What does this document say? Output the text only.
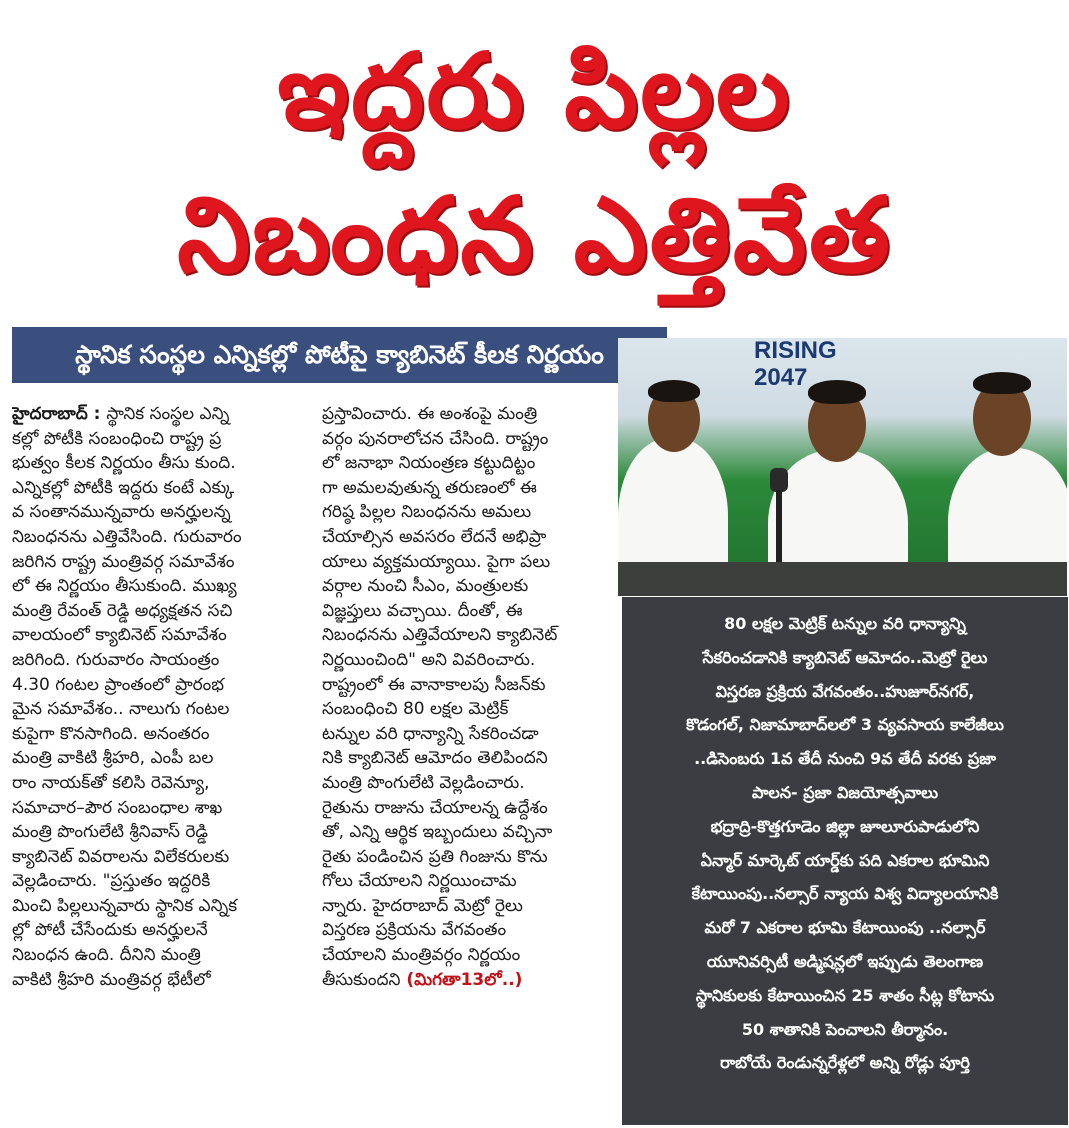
ఇద్దరు పిల్లల
నిబంధన ఎత్తివేత
స్థానిక సంస్థల ఎన్నికల్లో పోటీపై క్యాబినెట్ కీలక నిర్ణయం	RISING
2047
హైదరాబాద్ : స్థానిక సంస్థల ఎన్ని
కల్లో పోటీకి సంబంధించి రాష్ట్ర ప్ర
భుత్వం కీలక నిర్ణయం తీసు కుంది.
ఎన్నికల్లో పోటీకి ఇద్దరు కంటే ఎక్కు
వ సంతానమున్నవారు అనర్హులన్న
నిబంధనను ఎత్తివేసింది. గురువారం
జరిగిన రాష్ట్ర మంత్రివర్గ సమావేశం
లో ఈ నిర్ణయం తీసుకుంది. ముఖ్య
మంత్రి రేవంత్ రెడ్డి అధ్యక్షతన సచి
వాలయంలో క్యాబినెట్ సమావేశం
జరిగింది. గురువారం సాయంత్రం
4.30 గంటల ప్రాంతంలో ప్రారంభ
మైన సమావేశం.. నాలుగు గంటల
కుపైగా కొనసాగింది. అనంతరం
మంత్రి వాకిటి శ్రీహరి, ఎంపీ బల
రాం నాయక్‌తో కలిసి రెవెన్యూ,
సమాచార–పౌర సంబంధాల శాఖ
మంత్రి పొంగులేటి శ్రీనివాస్ రెడ్డి
క్యాబినెట్ వివరాలను విలేకరులకు
వెల్లడించారు. "ప్రస్తుతం ఇద్దరికి
మించి పిల్లలున్నవారు స్థానిక ఎన్నిక
ల్లో పోటీ చేసేందుకు అనర్హులనే
నిబంధన ఉంది. దీనిని మంత్రి
వాకిటి శ్రీహరి మంత్రివర్గ భేటీలో
ప్రస్తావించారు. ఈ అంశంపై మంత్రి
వర్గం పునరాలోచన చేసింది. రాష్ట్రం
లో జనాభా నియంత్రణ కట్టుదిట్టం
గా అమలవుతున్న తరుణంలో ఈ
గరిష్ఠ పిల్లల నిబంధనను అమలు
చేయాల్సిన అవసరం లేదనే అభిప్రా
యాలు వ్యక్తమయ్యాయి. పైగా పలు
వర్గాల నుంచి సీఎం, మంత్రులకు
విజ్ఞప్తులు వచ్చాయి. దీంతో, ఈ
నిబంధనను ఎత్తివేయాలని క్యాబినెట్
నిర్ణయించింది" అని వివరించారు.
రాష్ట్రంలో ఈ వానాకాలపు సీజన్‌కు
సంబంధించి 80 లక్షల మెట్రిక్
టన్నుల వరి ధాన్యాన్ని సేకరించడా
నికి క్యాబినెట్ ఆమోదం తెలిపిందని
మంత్రి పొంగులేటి వెల్లడించారు.
రైతును రాజును చేయాలన్న ఉద్దేశం
తో, ఎన్ని ఆర్థిక ఇబ్బందులు వచ్చినా
రైతు పండించిన ప్రతి గింజును కొను
గోలు చేయాలని నిర్ణయించామ
న్నారు. హైదరాబాద్ మెట్రో రైలు
విస్తరణ ప్రక్రియను వేగవంతం
చేయాలని మంత్రివర్గం నిర్ణయం
తీసుకుందని (మిగతా13లో..)
80 లక్షల మెట్రిక్ టన్నుల వరి ధాన్యాన్ని
సేకరించడానికి క్యాబినెట్ ఆమోదం..మెట్రో రైలు
విస్తరణ ప్రక్రియ వేగవంతం..హుజూర్‌నగర్,
కొడంగల్, నిజామాబాద్‌లలో 3 వ్యవసాయ కాలేజీలు
..డిసెంబరు 1వ తేదీ నుంచి 9వ తేదీ వరకు ప్రజా
పాలన- ప్రజా విజయోత్సవాలు
భద్రాద్రి-కొత్తగూడెం జిల్లా జూలూరుపాడులోని
ఏన్మార్ మార్కెట్ యార్డ్‌కు పది ఎకరాల భూమిని
కేటాయింపు..నల్సార్ న్యాయ విశ్వ విద్యాలయానికి
మరో 7 ఎకరాల భూమి కేటాయింపు ..నల్సార్
యూనివర్సిటీ అడ్మిషన్లలో ఇప్పుడు తెలంగాణ
స్థానికులకు కేటాయించిన 25 శాతం సీట్ల కోటాను
50 శాతానికి పెంచాలని తీర్మానం.
రాబోయే రెండున్నరేళ్లలో అన్ని రోడ్లు పూర్తి
